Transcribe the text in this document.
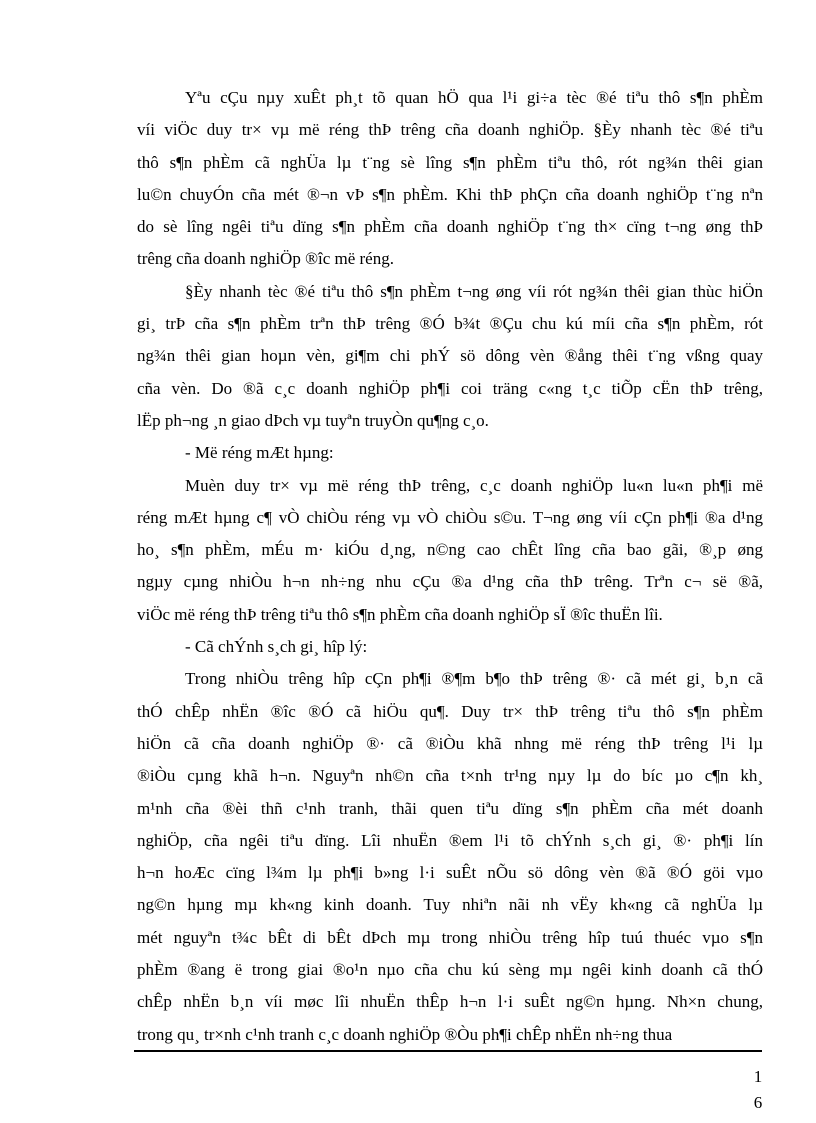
Yªu cÇu nµy xuÊt ph¸t tõ quan hÖ qua l¹i gi÷a tèc ®é tiªu thô s¶n phÈm
víi viÖc duy tr× vµ më réng thÞ trêng cña doanh nghiÖp. §Èy nhanh tèc ®é tiªu
thô s¶n phÈm cã nghÜa lµ t¨ng sè lîng s¶n phÈm tiªu thô, rót ng¾n thêi gian
lu©n chuyÓn cña mét ®¬n vÞ s¶n phÈm. Khi thÞ phÇn cña doanh nghiÖp t¨ng nªn
do sè lîng ngêi tiªu dïng s¶n phÈm cña doanh nghiÖp t¨ng th× cïng t¬ng øng thÞ
trêng cña doanh nghiÖp ®îc më réng.

§Èy nhanh tèc ®é tiªu thô s¶n phÈm t¬ng øng víi rót ng¾n thêi gian thùc hiÖn
gi¸ trÞ cña s¶n phÈm trªn thÞ trêng ®Ó b¾t ®Çu chu kú míi cña s¶n phÈm, rót
ng¾n thêi gian hoµn vèn, gi¶m chi phÝ sö dông vèn ®ång thêi t¨ng vßng quay
cña vèn. Do ®ã c¸c doanh nghiÖp ph¶i coi träng c«ng t¸c tiÕp cËn thÞ trêng,
lËp ph¬ng ¸n giao dÞch vµ tuyªn truyÒn qu¶ng c¸o.

- Më réng mÆt hµng:

Muèn duy tr× vµ më réng thÞ trêng, c¸c doanh nghiÖp lu«n lu«n ph¶i më
réng mÆt hµng c¶ vÒ chiÒu réng vµ vÒ chiÒu s©u. T¬ng øng víi cÇn ph¶i ®a d¹ng
ho¸ s¶n phÈm, mÉu m· kiÓu d¸ng, n©ng cao chÊt lîng cña bao gãi, ®¸p øng
ngµy cµng nhiÒu h¬n nh÷ng nhu cÇu ®a d¹ng cña thÞ trêng. Trªn c¬ së ®ã,
viÖc më réng thÞ trêng tiªu thô s¶n phÈm cña doanh nghiÖp sÏ ®îc thuËn lîi.

- Cã chÝnh s¸ch gi¸ hîp lý:

Trong nhiÒu trêng hîp cÇn ph¶i ®¶m b¶o thÞ trêng ®· cã mét gi¸ b¸n cã
thÓ chÊp nhËn ®îc ®Ó cã hiÖu qu¶. Duy tr× thÞ trêng tiªu thô s¶n phÈm
hiÖn cã cña doanh nghiÖp ®· cã ®iÒu khã nhng më réng thÞ trêng l¹i lµ
®iÒu cµng khã h¬n. Nguyªn nh©n cña t×nh tr¹ng nµy lµ do bíc µo c¶n kh¸
m¹nh cña ®èi thñ c¹nh tranh, thãi quen tiªu dïng s¶n phÈm cña mét doanh
nghiÖp, cña ngêi tiªu dïng. Lîi nhuËn ®em l¹i tõ chÝnh s¸ch gi¸ ®· ph¶i lín
h¬n hoÆc cïng l¾m lµ ph¶i b»ng l·i suÊt nÕu sö dông vèn ®ã ®Ó göi vµo
ng©n hµng mµ kh«ng kinh doanh. Tuy nhiªn nãi nh vËy kh«ng cã nghÜa lµ
mét nguyªn t¾c bÊt di bÊt dÞch mµ trong nhiÒu trêng hîp tuú thuéc vµo s¶n
phÈm ®ang ë trong giai ®o¹n nµo cña chu kú sèng mµ ngêi kinh doanh cã thÓ
chÊp nhËn b¸n víi møc lîi nhuËn thÊp h¬n l·i suÊt ng©n hµng. Nh×n chung,
trong qu¸ tr×nh c¹nh tranh c¸c doanh nghiÖp ®Òu ph¶i chÊp nhËn nh÷ng thua

1
6
